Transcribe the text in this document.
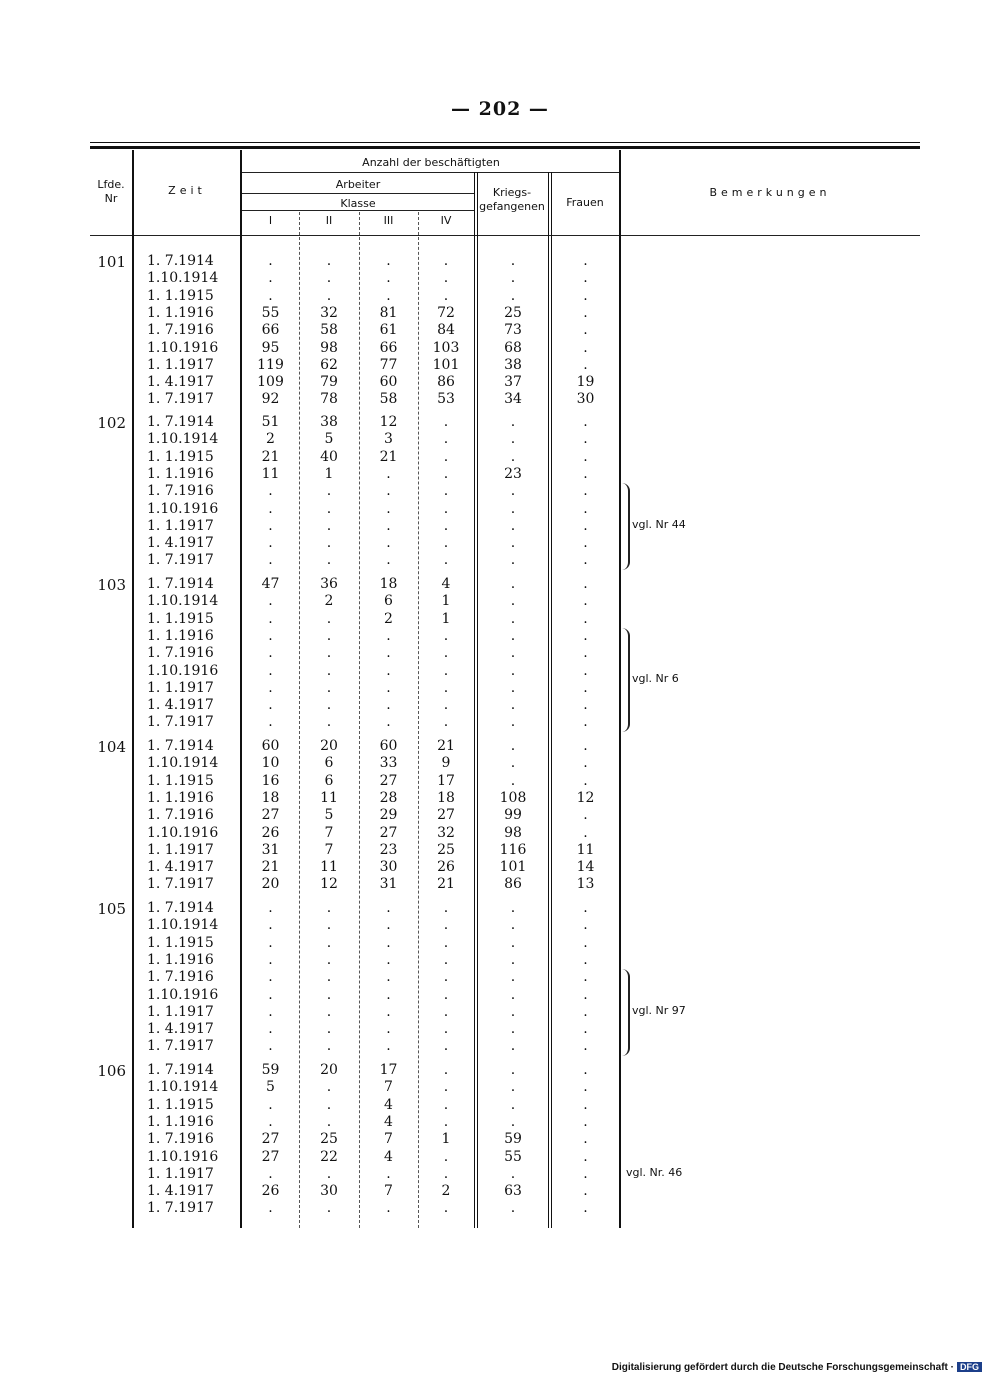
— 202 —
Lfde.
Nr
Zeit
Anzahl der beschäftigten
Arbeiter
Klasse
I	II	III	IV
Kriegs-
gefangenen	Frauen
Bemerkungen
101 1. 7.1914	.	.	.	.	.	.
1.10.1914	.	.	.	.	.	.
1. 1.1915	.	.	.	.	.	.
1. 1.1916	55	32	81	72	25	.
1. 7.1916	66	58	61	84	73	.
1.10.1916	95	98	66	103	68	.
1. 1.1917	119	62	77	101	38	.
1. 4.1917	109	79	60	86	37	19
1. 7.1917	92	78	58	53	34	30
102 1. 7.1914	51	38	12	.	.	.
1.10.1914	2	5	3	.	.	.
1. 1.1915	21	40	21	.	.	.
1. 1.1916	11	1	.	.	23	.
1. 7.1916	.	.	.	.	.	.
1.10.1916	.	.	.	.	.	.
1. 1.1917	.	.	.	.	.	.
1. 4.1917	.	.	.	.	.	.
1. 7.1917	.	.	.	.	.	.
vgl. Nr 44
103 1. 7.1914	47	36	18	4	.	.
1.10.1914	.	2	6	1	.	.
1. 1.1915	.	.	2	1	.	.
1. 1.1916	.	.	.	.	.	.
1. 7.1916	.	.	.	.	.	.
1.10.1916	.	.	.	.	.	.
1. 1.1917	.	.	.	.	.	.
1. 4.1917	.	.	.	.	.	.
1. 7.1917	.	.	.	.	.	.
vgl. Nr 6
104 1. 7.1914	60	20	60	21	.	.
1.10.1914	10	6	33	9	.	.
1. 1.1915	16	6	27	17	.	.
1. 1.1916	18	11	28	18	108	12
1. 7.1916	27	5	29	27	99	.
1.10.1916	26	7	27	32	98	.
1. 1.1917	31	7	23	25	116	11
1. 4.1917	21	11	30	26	101	14
1. 7.1917	20	12	31	21	86	13
105 1. 7.1914	.	.	.	.	.	.
1.10.1914	.	.	.	.	.	.
1. 1.1915	.	.	.	.	.	.
1. 1.1916	.	.	.	.	.	.
1. 7.1916	.	.	.	.	.	.
1.10.1916	.	.	.	.	.	.
1. 1.1917	.	.	.	.	.	.
1. 4.1917	.	.	.	.	.	.
1. 7.1917	.	.	.	.	.	.
vgl. Nr 97
106 1. 7.1914	59	20	17	.	.	.
1.10.1914	5	.	7	.	.	.
1. 1.1915	.	.	4	.	.	.
1. 1.1916	.	.	4	.	.	.
1. 7.1916	27	25	7	1	59	.
1.10.1916	27	22	4	.	55	.
1. 1.1917	.	.	.	.	.	.
1. 4.1917	26	30	7	2	63	.
1. 7.1917	.	.	.	.	.	.
vgl. Nr. 46
Digitalisierung gefördert durch die Deutsche Forschungsgemeinschaft · DFG
